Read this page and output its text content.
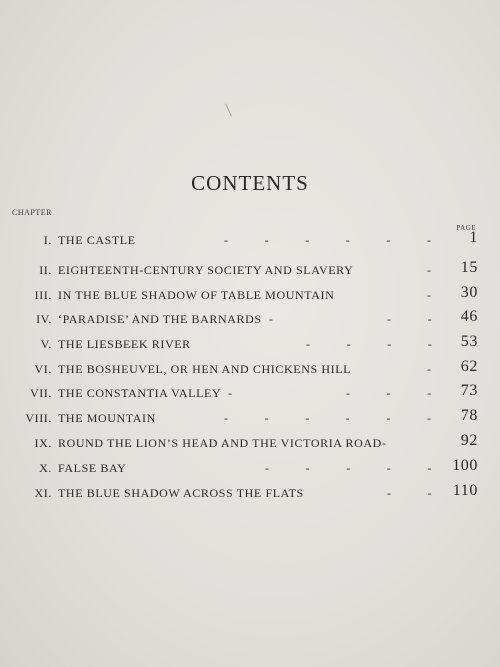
CONTENTS
CHAPTER
PAGE
I. THE CASTLE	-          -          -          -          -          -	1
II. EIGHTEENTH-CENTURY SOCIETY AND SLAVERY	-	15
III. IN THE BLUE SHADOW OF TABLE MOUNTAIN	-	30
IV. ‘PARADISE’ AND THE BARNARDS  -	-          -	46
V. THE LIESBEEK RIVER	-          -          -          -	53
VI. THE BOSHEUVEL, OR HEN AND CHICKENS HILL	-	62
VII. THE CONSTANTIA VALLEY  -	-          -          -	73
VIII. THE MOUNTAIN	-          -          -          -          -          -	78
IX. ROUND THE LION’S HEAD AND THE VICTORIA ROAD-	92
X. FALSE BAY	-          -          -          -          - 100
XI. THE BLUE SHADOW ACROSS THE FLATS	-          - 110
